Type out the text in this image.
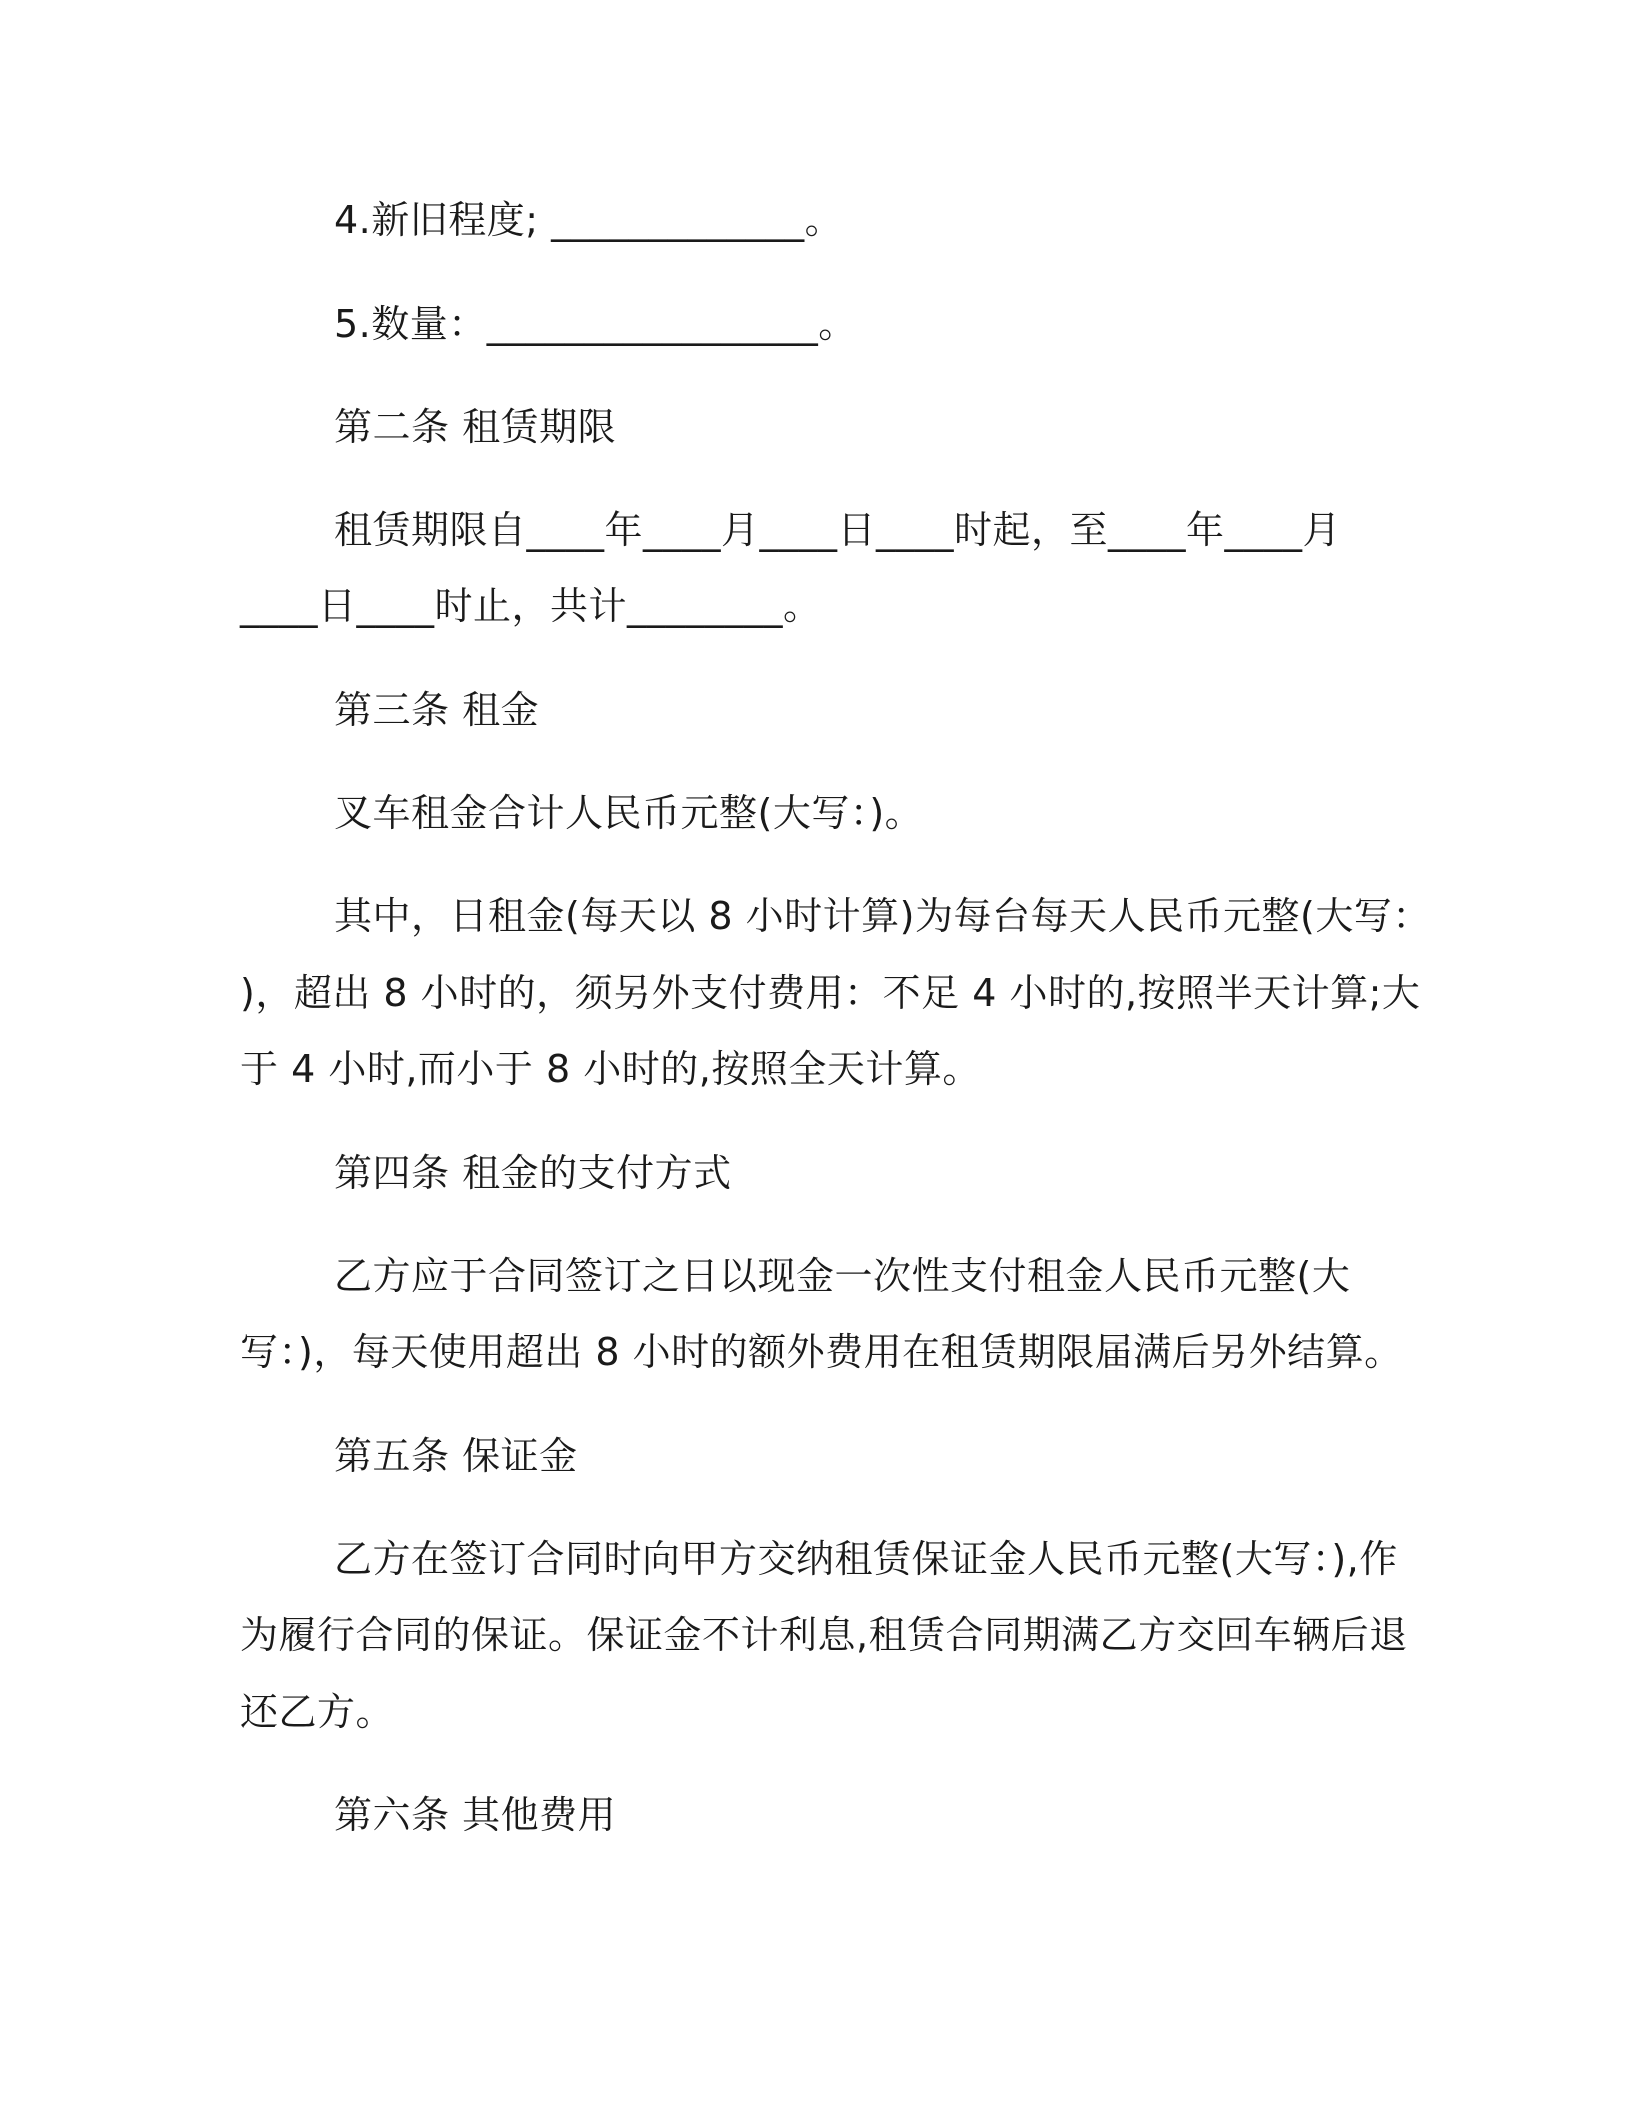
4.新旧程度; _____________。
5.数量：_________________。
第二条 租赁期限
租赁期限自____年____月____日____时起，至____年____月
____日____时止，共计________。
第三条 租金
叉车租金合计人民币元整(大写：)。
其中，日租金(每天以 8 小时计算)为每台每天人民币元整(大写：
)，超出 8 小时的，须另外支付费用：不足 4 小时的,按照半天计算;大
于 4 小时,而小于 8 小时的,按照全天计算。
第四条 租金的支付方式
乙方应于合同签订之日以现金一次性支付租金人民币元整(大
写：)，每天使用超出 8 小时的额外费用在租赁期限届满后另外结算。
第五条 保证金
乙方在签订合同时向甲方交纳租赁保证金人民币元整(大写：),作
为履行合同的保证。保证金不计利息,租赁合同期满乙方交回车辆后退
还乙方。
第六条 其他费用
